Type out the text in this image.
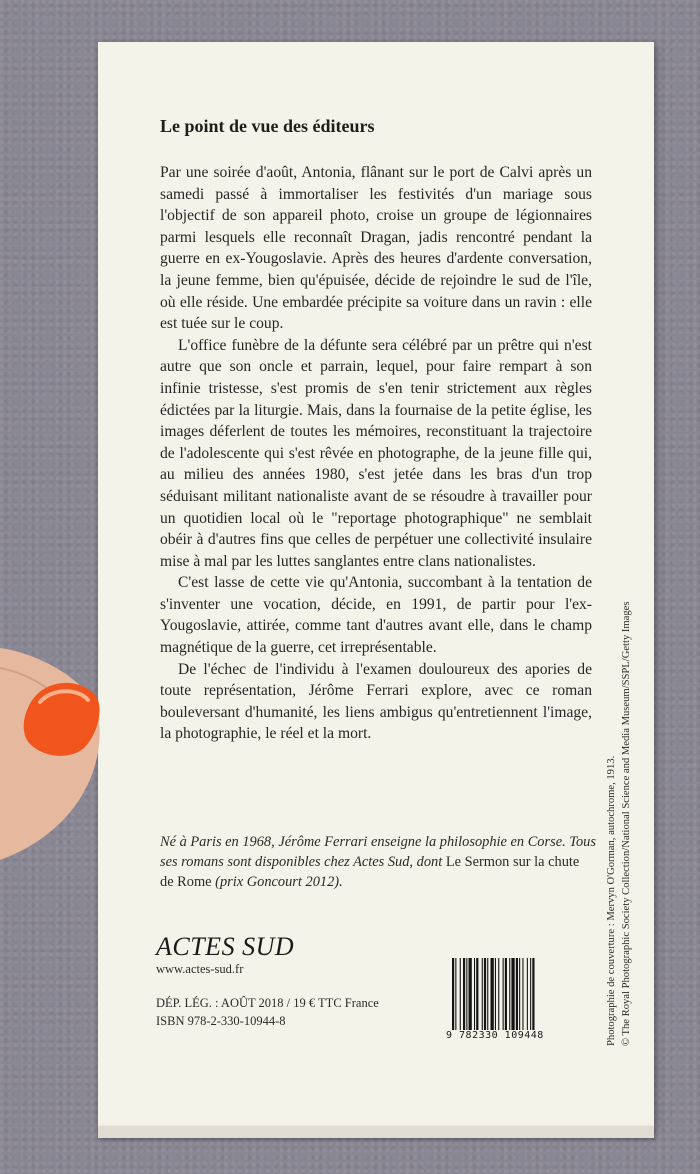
Le point de vue des éditeurs

Par une soirée d'août, Antonia, flânant sur le port de Calvi après un samedi passé à immortaliser les festivités d'un mariage sous l'objectif de son appareil photo, croise un groupe de légionnaires parmi lesquels elle reconnaît Dragan, jadis rencontré pendant la guerre en ex-Yougoslavie. Après des heures d'ardente conversation, la jeune femme, bien qu'épuisée, décide de rejoindre le sud de l'île, où elle réside. Une embardée précipite sa voiture dans un ravin : elle est tuée sur le coup.

L'office funèbre de la défunte sera célébré par un prêtre qui n'est autre que son oncle et parrain, lequel, pour faire rempart à son infinie tristesse, s'est promis de s'en tenir strictement aux règles édictées par la liturgie. Mais, dans la fournaise de la petite église, les images déferlent de toutes les mémoires, reconstituant la trajectoire de l'adolescente qui s'est rêvée en photographe, de la jeune fille qui, au milieu des années 1980, s'est jetée dans les bras d'un trop séduisant militant nationaliste avant de se résoudre à travailler pour un quotidien local où le "reportage photographique" ne semblait obéir à d'autres fins que celles de perpétuer une collectivité insulaire mise à mal par les luttes sanglantes entre clans nationalistes.

C'est lasse de cette vie qu'Antonia, succombant à la tentation de s'inventer une vocation, décide, en 1991, de partir pour l'ex-Yougoslavie, attirée, comme tant d'autres avant elle, dans le champ magnétique de la guerre, cet irreprésentable.

De l'échec de l'individu à l'examen douloureux des apories de toute représentation, Jérôme Ferrari explore, avec ce roman bouleversant d'humanité, les liens ambigus qu'entretiennent l'image, la photographie, le réel et la mort.

Né à Paris en 1968, Jérôme Ferrari enseigne la philosophie en Corse. Tous ses romans sont disponibles chez Actes Sud, dont Le Sermon sur la chute de Rome (prix Goncourt 2012).
ACTES SUD
www.actes-sud.fr
DÉP. LÉG. : AOÛT 2018 / 19 € TTC France
ISBN 978-2-330-10944-8
9 782330 109448	Photographie de couverture : Mervyn O'Gorman, autochrome, 1913. © The Royal Photographic Society Collection/National Science and Media Museum/SSPL/Getty Images
